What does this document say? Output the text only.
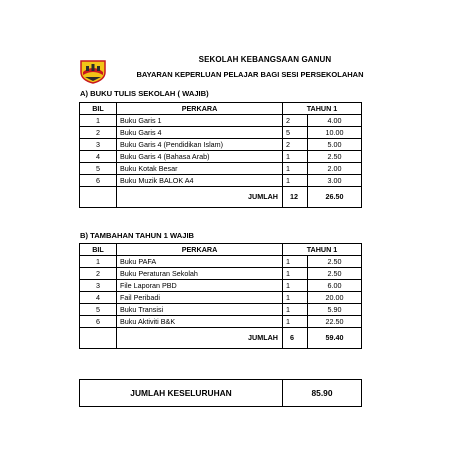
SEKOLAH KEBANGSAAN GANUN
BAYARAN KEPERLUAN PELAJAR BAGI SESI PERSEKOLAHAN
A) BUKU TULIS SEKOLAH ( WAJIB)
BIL	PERKARA	TAHUN 1	
1	Buku Garis 1	2	4.00
2	Buku Garis 4	5	10.00
3	Buku Garis 4 (Pendidikan Islam)	2	5.00
4	Buku Garis 4 (Bahasa Arab)	1	2.50
5	Buku Kotak Besar	1	2.00
6	Buku Muzik BALOK A4	1	3.00
	JUMLAH	12	26.50
B) TAMBAHAN TAHUN 1 WAJIB
BIL	PERKARA	TAHUN 1	
1	Buku PAFA	1	2.50
2	Buku Peraturan Sekolah	1	2.50
3	File Laporan PBD	1	6.00
4	Fail Peribadi	1	20.00
5	Buku Transisi	1	5.90
6	Buku Aktiviti B&K	1	22.50
	JUMLAH	6	59.40
JUMLAH KESELURUHAN	85.90
